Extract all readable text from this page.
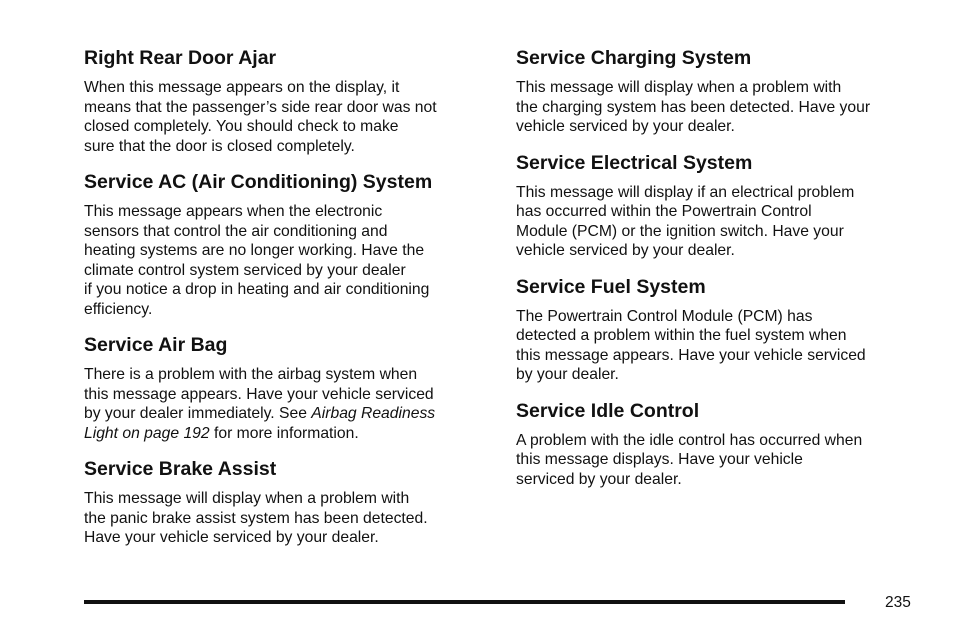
Right Rear Door Ajar

When this message appears on the display, it
means that the passenger’s side rear door was not
closed completely. You should check to make
sure that the door is closed completely.

Service AC (Air Conditioning) System

This message appears when the electronic
sensors that control the air conditioning and
heating systems are no longer working. Have the
climate control system serviced by your dealer
if you notice a drop in heating and air conditioning
efficiency.

Service Air Bag

There is a problem with the airbag system when
this message appears. Have your vehicle serviced
by your dealer immediately. See Airbag Readiness
Light on page 192 for more information.

Service Brake Assist

This message will display when a problem with
the panic brake assist system has been detected.
Have your vehicle serviced by your dealer.

Service Charging System

This message will display when a problem with
the charging system has been detected. Have your
vehicle serviced by your dealer.

Service Electrical System

This message will display if an electrical problem
has occurred within the Powertrain Control
Module (PCM) or the ignition switch. Have your
vehicle serviced by your dealer.

Service Fuel System

The Powertrain Control Module (PCM) has
detected a problem within the fuel system when
this message appears. Have your vehicle serviced
by your dealer.

Service Idle Control

A problem with the idle control has occurred when
this message displays. Have your vehicle
serviced by your dealer.

235
